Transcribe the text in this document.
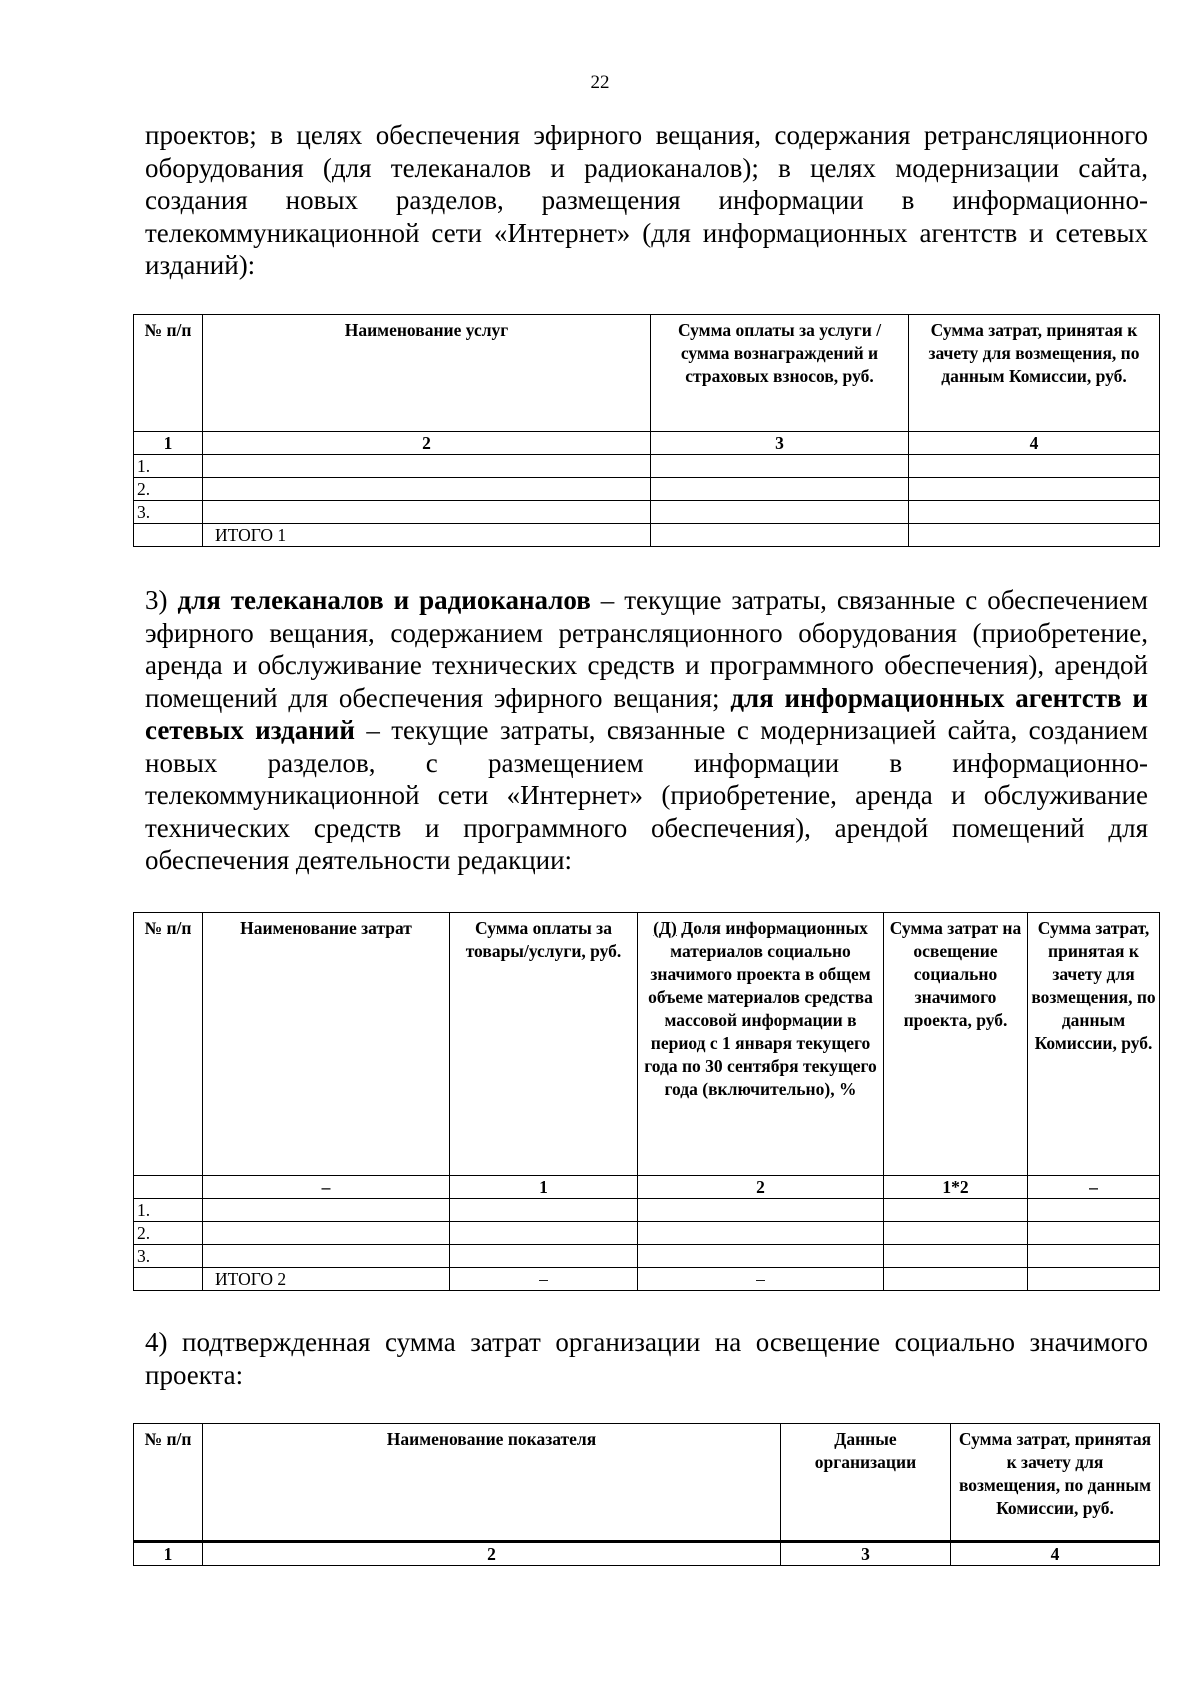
22
проектов; в целях обеспечения эфирного вещания, содержания ретрансляционного оборудования (для телеканалов и радиоканалов); в целях модернизации сайта, создания новых разделов, размещения информации в информационно-телекоммуникационной сети «Интернет» (для информационных агентств и сетевых изданий):
№ п/п	Наименование услуг	Сумма оплаты за услуги / сумма вознаграждений и страховых взносов, руб.	Сумма затрат, принятая к зачету для возмещения, по данным Комиссии, руб.
1	2	3	4
1.			
2.			
3.			
	ИТОГО 1		
3) для телеканалов и радиоканалов – текущие затраты, связанные с обеспечением эфирного вещания, содержанием ретрансляционного оборудования (приобретение, аренда и обслуживание технических средств и программного обеспечения), арендой помещений для обеспечения эфирного вещания; для информационных агентств и сетевых изданий – текущие затраты, связанные с модернизацией сайта, созданием новых разделов, с размещением информации в информационно-телекоммуникационной сети «Интернет» (приобретение, аренда и обслуживание технических средств и программного обеспечения), арендой помещений для обеспечения деятельности редакции:
№ п/п	Наименование затрат	Сумма оплаты за товары/услуги, руб.	(Д) Доля информационных материалов социально значимого проекта в общем объеме материалов средства массовой информации в период с 1 января текущего года по 30 сентября текущего года (включительно), %	Сумма затрат на освещение социально значимого проекта, руб.	Сумма затрат, принятая к зачету для возмещения, по данным Комиссии, руб.
	–	1	2	1*2	–
1.					
2.					
3.					
	ИТОГО 2	–	–		
4) подтвержденная сумма затрат организации на освещение социально значимого проекта:
№ п/п	Наименование показателя	Данные организации	Сумма затрат, принятая к зачету для возмещения, по данным Комиссии, руб.
1	2	3	4
